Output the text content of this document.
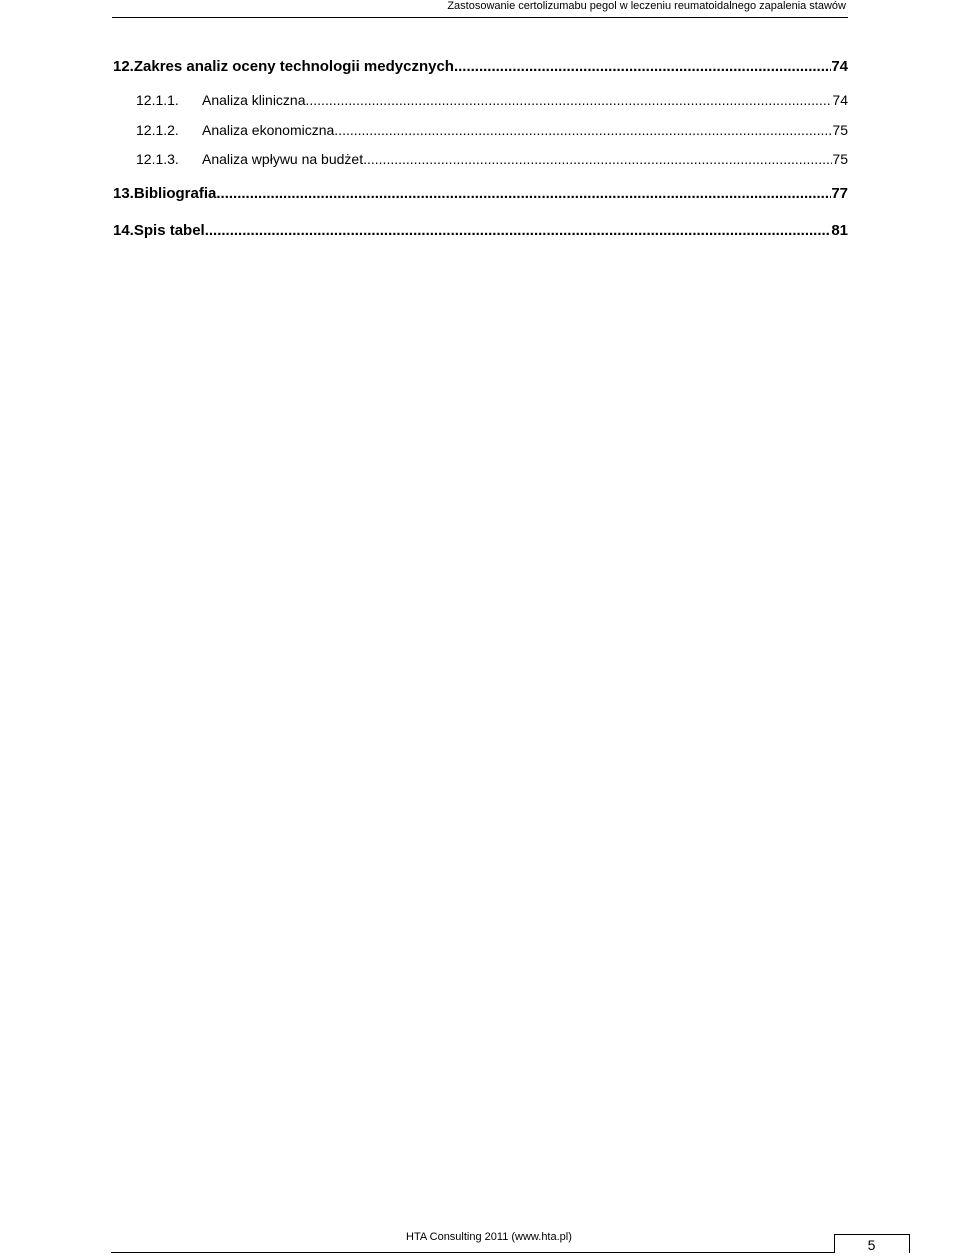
Zastosowanie certolizumabu pegol w leczeniu reumatoidalnego zapalenia stawów
12. Zakres analiz oceny technologii medycznych .....	74
12.1.1.	Analiza kliniczna .....	74
12.1.2.	Analiza ekonomiczna .....	75
12.1.3.	Analiza wpływu na budżet .....	75
13. Bibliografia .....	77
14. Spis tabel .....	81
HTA Consulting 2011 (www.hta.pl)	5
